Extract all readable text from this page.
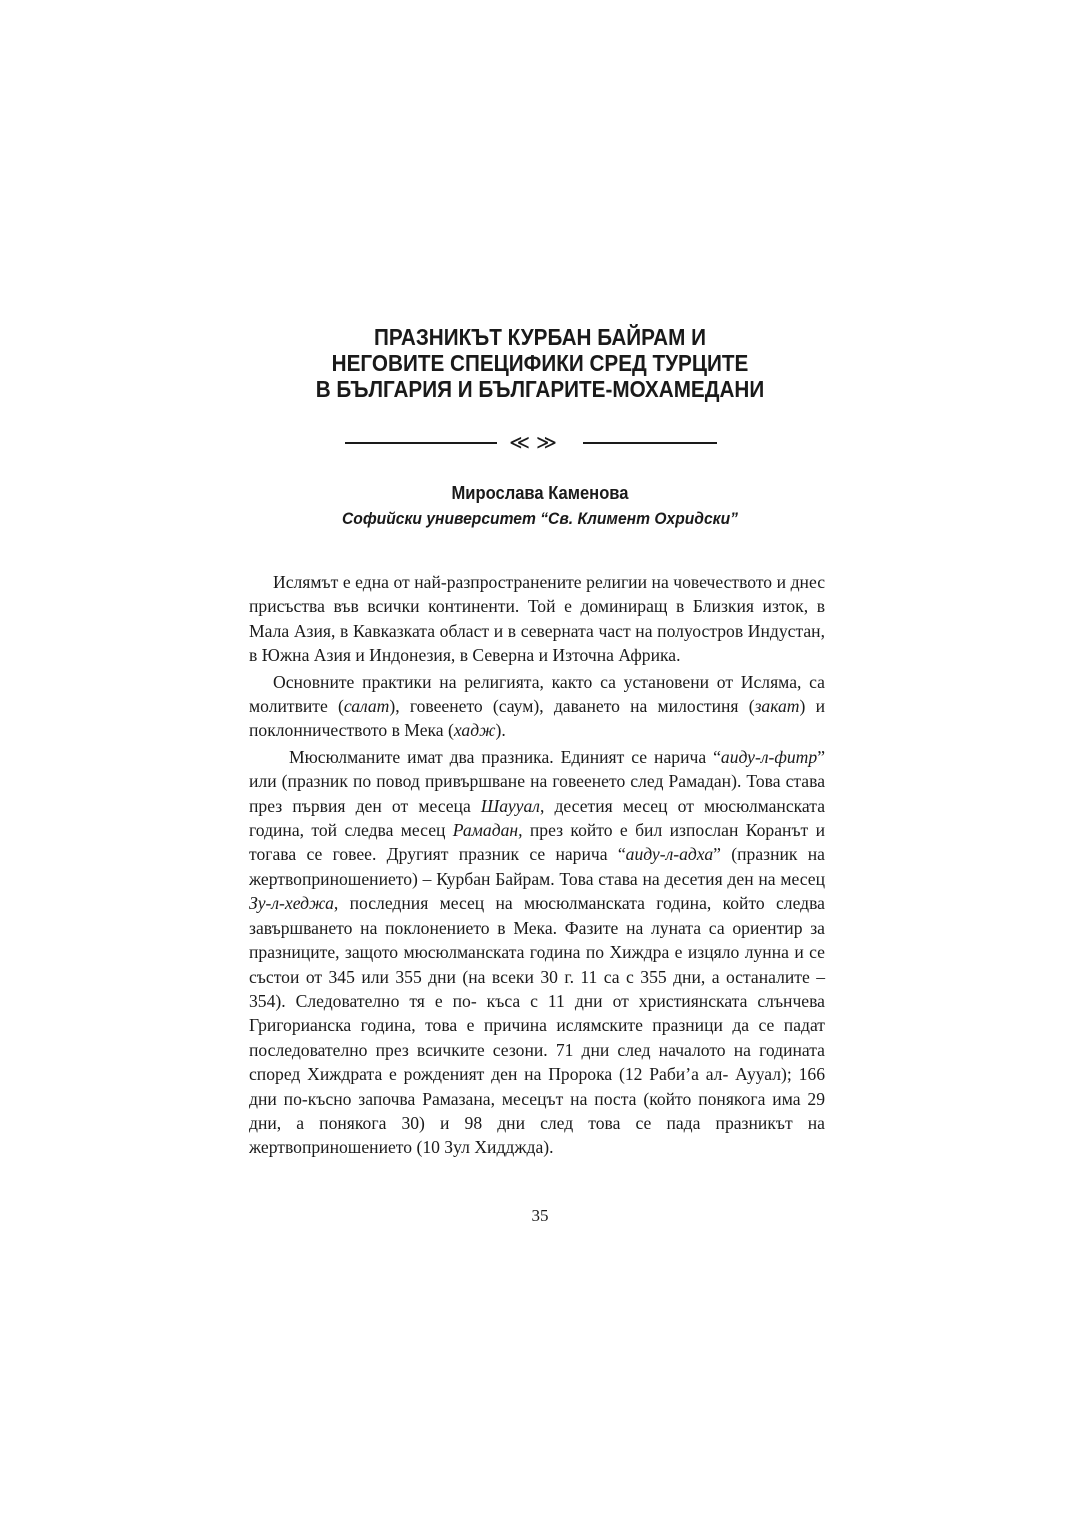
ПРАЗНИКЪТ КУРБАН БАЙРАМ И
НЕГОВИТЕ СПЕЦИФИКИ СРЕД ТУРЦИТЕ
В БЪЛГАРИЯ И БЪЛГАРИТЕ-МОХАМЕДАНИ
≪≫
Мирослава Каменова
Софийски университет “Св. Климент Охридски”

Ислямът е една от най-разпространените религии на човечеството и днес присъства във всички континенти. Той е доминиращ в Близкия изток, в Мала Азия, в Кавказката област и в северната част на полуостров Индустан, в Южна Азия и Индонезия, в Северна и Източна Африка.

Основните практики на религията, както са установени от Исляма, са молитвите (салат), говеенето (саум), даването на милостиня (закат) и поклонничеството в Мека (хадж).

Мюсюлманите имат два празника. Единият се нарича “аиду-л-фитр” или (празник по повод привършване на говеенето след Рамадан). Това става през първия ден от месеца Шаууал, десетия месец от мюсюлманската година, той следва месец Рамадан, през който е бил изпослан Коранът и тогава се говее. Другият празник се нарича “аиду-л-адха” (празник на жертвоприношението) – Курбан Байрам. Това става на десетия ден на месец Зу-л-хеджа, последния месец на мюсюлманската година, който следва завършването на поклонението в Мека. Фазите на луната са ориентир за празниците, защото мюсюлманската година по Хиждра е изцяло лунна и се състои от 345 или 355 дни (на всеки 30 г. 11 са с 355 дни, а останалите – 354). Следователно тя е по- къса с 11 дни от християнската слънчева Григорианска година, това е причина ислямските празници да се падат последователно през всичките сезони. 71 дни след началото на годината според Хиждрата е рожденият ден на Пророка (12 Раби’а ал- Аууал); 166 дни по-късно започва Рамазана, месецът на поста (който понякога има 29 дни, а понякога 30) и 98 дни след това се пада празникът на жертвоприношението (10 Зул Хидджда).

35
